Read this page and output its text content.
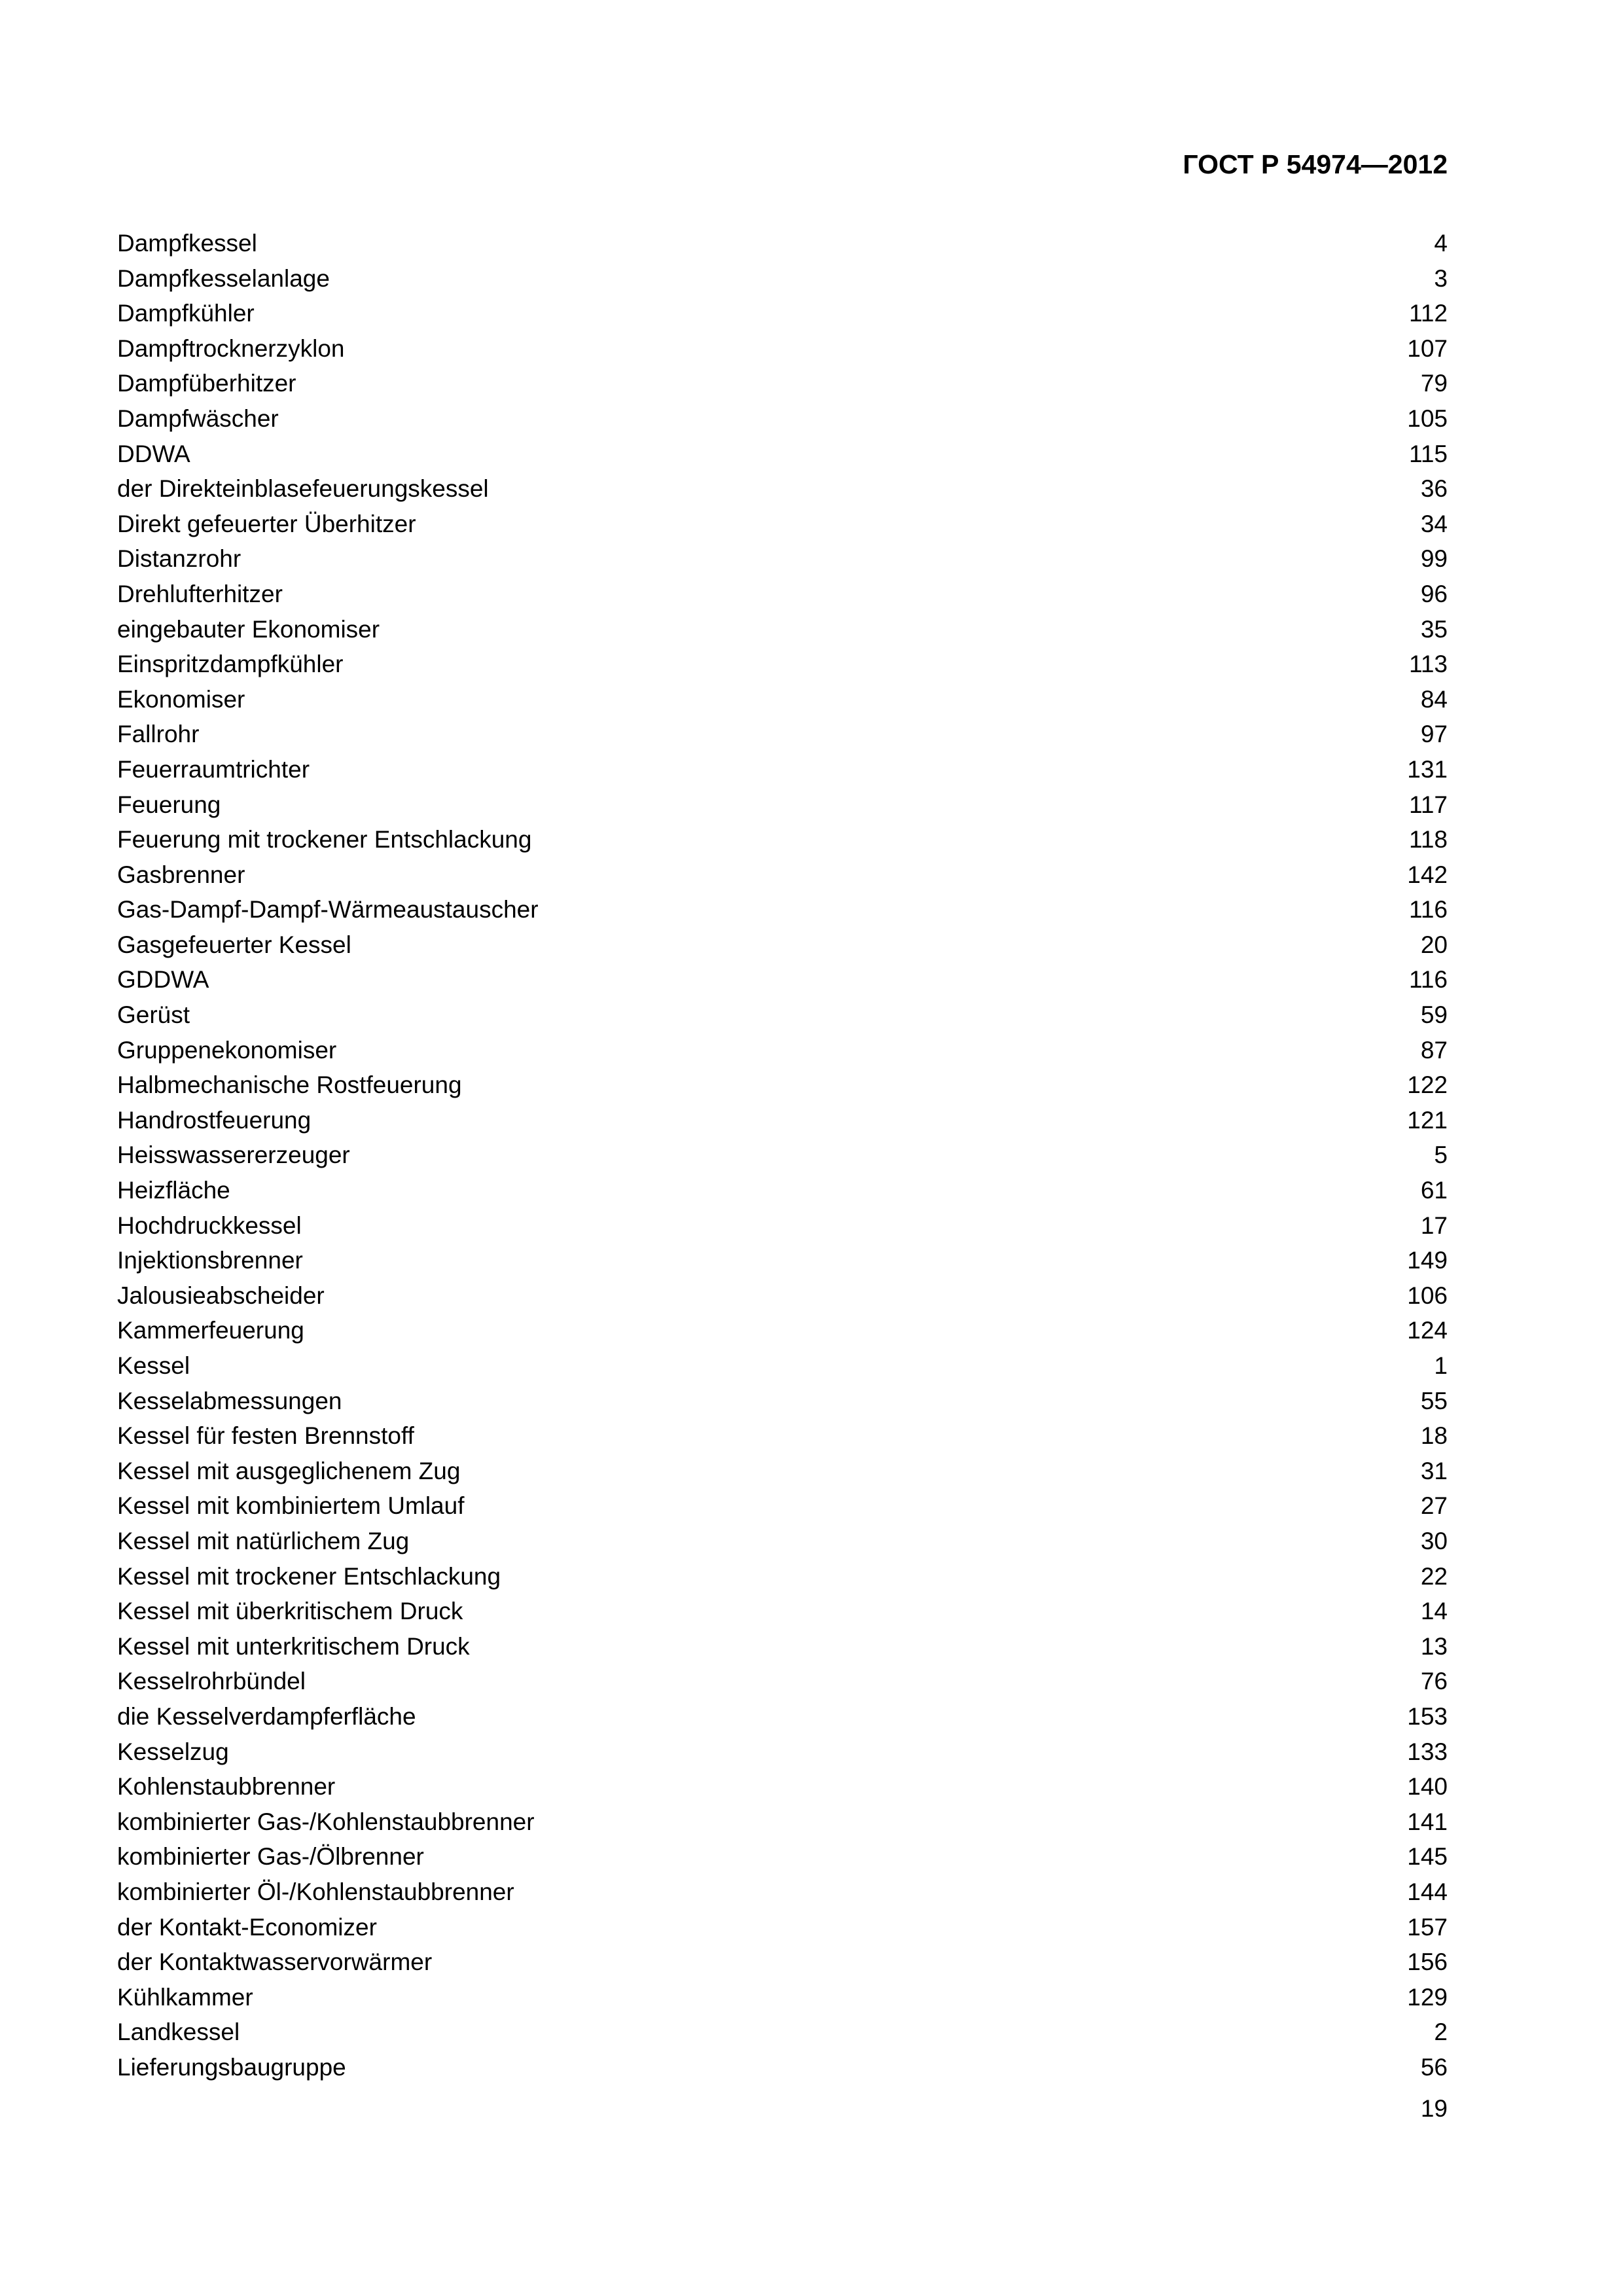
ГОСТ Р 54974—2012
Dampfkessel	4
Dampfkesselanlage	3
Dampfkühler	112
Dampftrocknerzyklon	107
Dampfüberhitzer	79
Dampfwäscher	105
DDWA	115
der Direkteinblasefeuerungskessel	36
Direkt gefeuerter Überhitzer	34
Distanzrohr	99
Drehlufterhitzer	96
eingebauter Ekonomiser	35
Einspritzdampfkühler	113
Ekonomiser	84
Fallrohr	97
Feuerraumtrichter	131
Feuerung	117
Feuerung mit trockener Entschlackung	118
Gasbrenner	142
Gas-Dampf-Dampf-Wärmeaustauscher	116
Gasgefeuerter Kessel	20
GDDWA	116
Gerüst	59
Gruppenekonomiser	87
Halbmechanische Rostfeuerung	122
Handrostfeuerung	121
Heisswassererzeuger	5
Heizfläche	61
Hochdruckkessel	17
Injektionsbrenner	149
Jalousieabscheider	106
Kammerfeuerung	124
Kessel	1
Kesselabmessungen	55
Kessel für festen Brennstoff	18
Kessel mit ausgeglichenem Zug	31
Kessel mit kombiniertem Umlauf	27
Kessel mit natürlichem Zug	30
Kessel mit trockener Entschlackung	22
Kessel mit überkritischem Druck	14
Kessel mit unterkritischem Druck	13
Kesselrohrbündel	76
die Kesselverdampferfläche	153
Kesselzug	133
Kohlenstaubbrenner	140
kombinierter Gas-/Kohlenstaubbrenner	141
kombinierter Gas-/Ölbrenner	145
kombinierter Öl-/Kohlenstaubbrenner	144
der Kontakt-Economizer	157
der Kontaktwasservorwärmer	156
Kühlkammer	129
Landkessel	2
Lieferungsbaugruppe	56
19
